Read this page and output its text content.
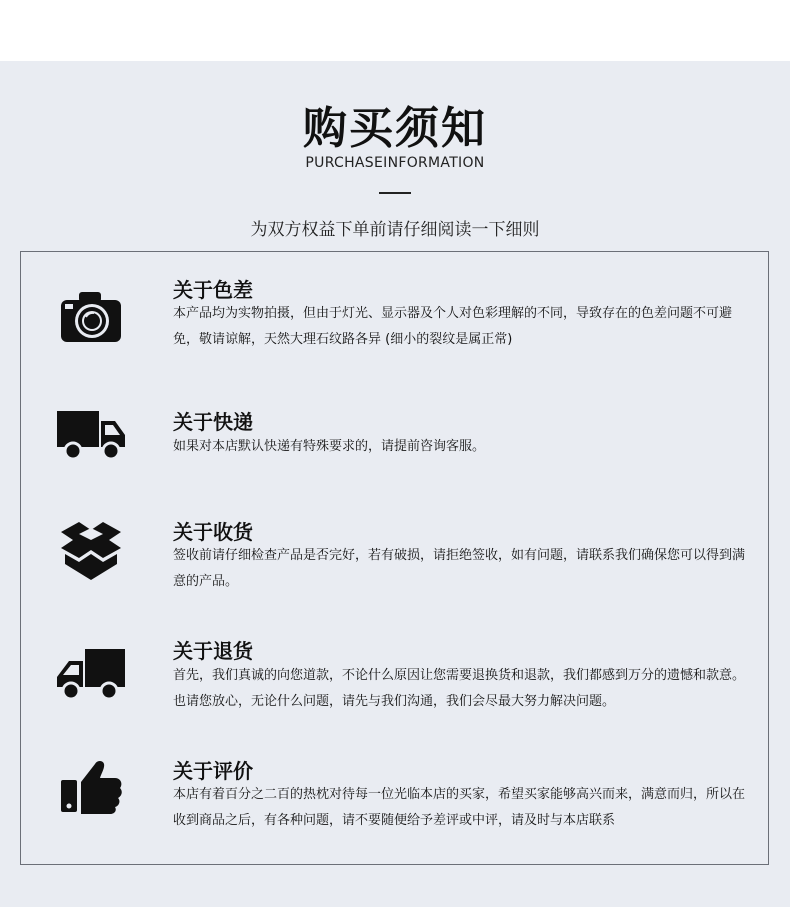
购买须知
PURCHASEINFORMATION
为双方权益下单前请仔细阅读一下细则
关于色差
本产品均为实物拍摄，但由于灯光、显示器及个人对色彩理解的不同，导致存在的色差问题不可避免，敬请谅解，天然大理石纹路各异 (细小的裂纹是属正常)
关于快递
如果对本店默认快递有特殊要求的，请提前咨询客服。
关于收货
签收前请仔细检查产品是否完好，若有破损，请拒绝签收，如有问题，请联系我们确保您可以得到满意的产品。
关于退货
首先，我们真诚的向您道款，不论什么原因让您需要退换货和退款，我们都感到万分的遗憾和款意。也请您放心，无论什么问题，请先与我们沟通，我们会尽最大努力解决问题。
关于评价
本店有着百分之二百的热枕对待每一位光临本店的买家，希望买家能够高兴而来，满意而归，所以在收到商品之后，有各种问题，请不要随便给予差评或中评，请及时与本店联系
